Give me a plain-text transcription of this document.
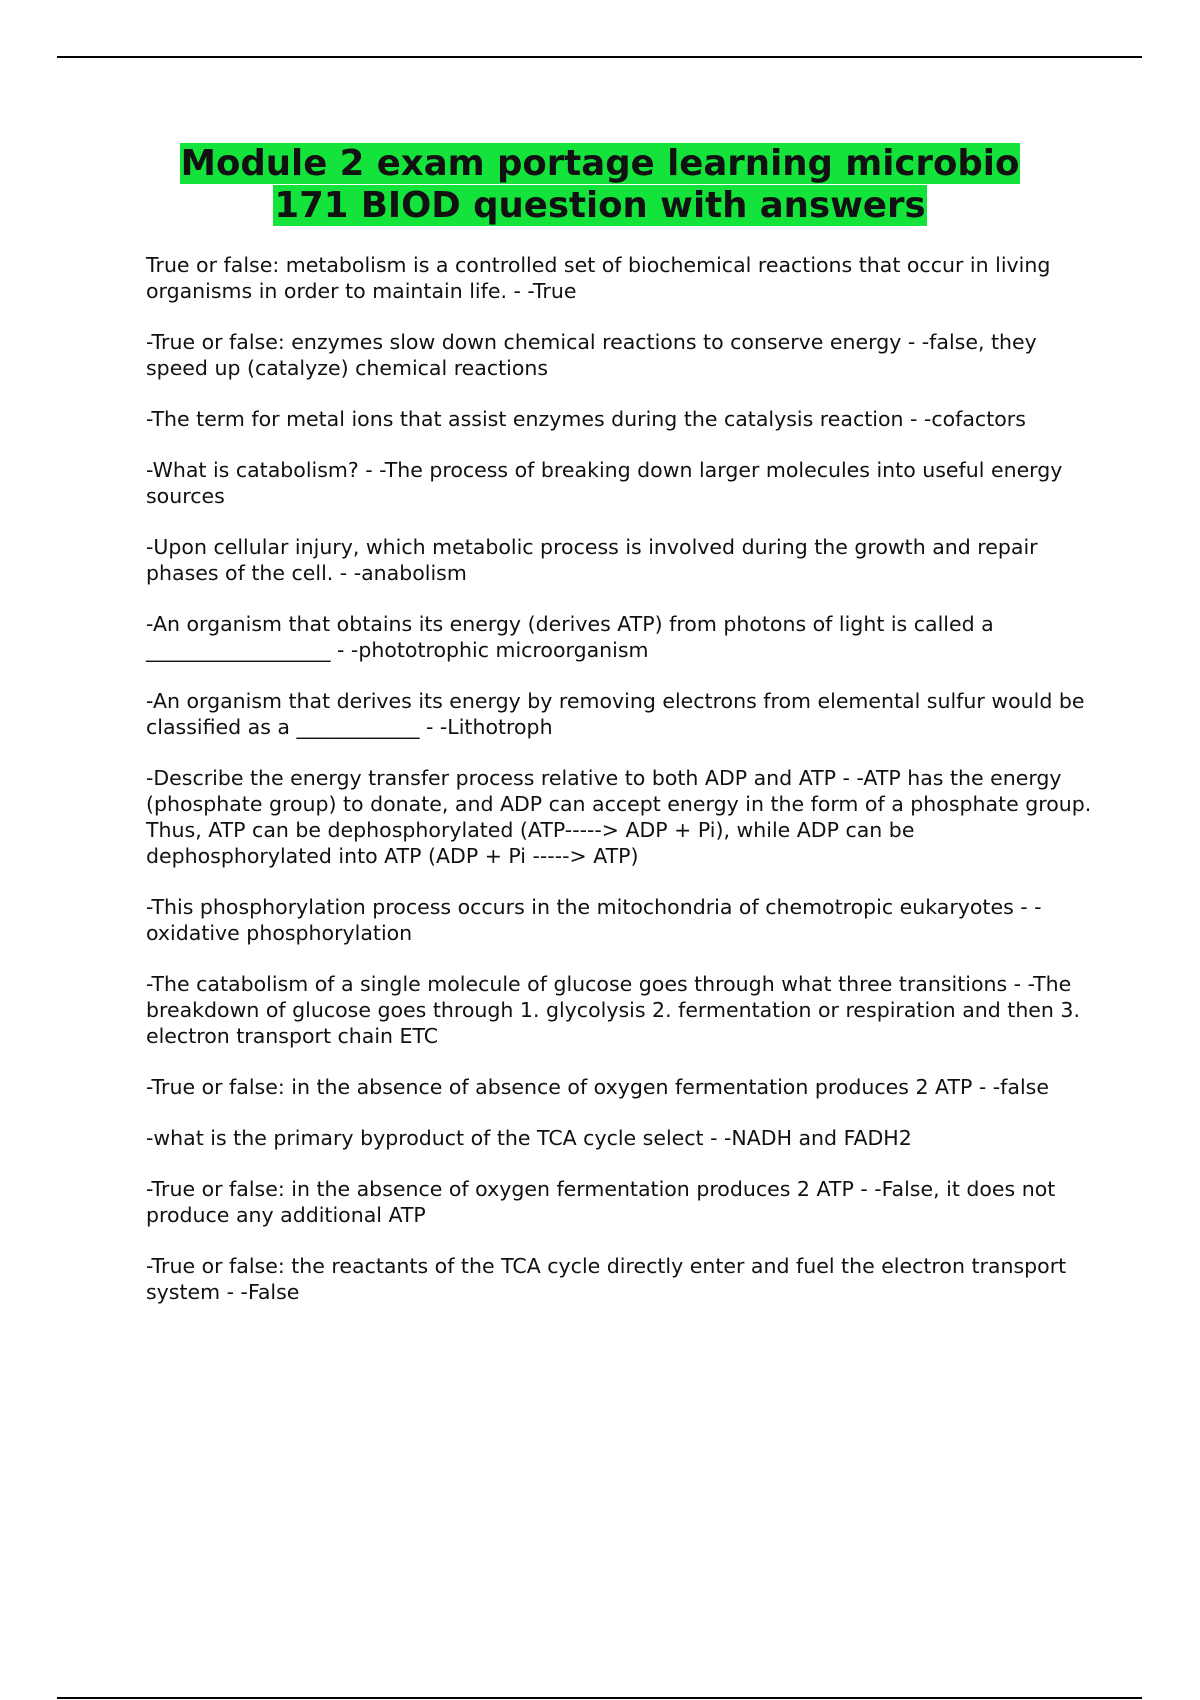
Module 2 exam portage learning microbio
171 BIOD question with answers
True or false: metabolism is a controlled set of biochemical reactions that occur in living organisms in order to maintain life. - -True
-True or false: enzymes slow down chemical reactions to conserve energy - -false, they speed up (catalyze) chemical reactions
-The term for metal ions that assist enzymes during the catalysis reaction - -cofactors
-What is catabolism? - -The process of breaking down larger molecules into useful energy sources
-Upon cellular injury, which metabolic process is involved during the growth and repair phases of the cell. - -anabolism
-An organism that obtains its energy (derives ATP) from photons of light is called a __________________ - -phototrophic microorganism
-An organism that derives its energy by removing electrons from elemental sulfur would be classified as a ____________ - -Lithotroph
-Describe the energy transfer process relative to both ADP and ATP - -ATP has the energy (phosphate group) to donate, and ADP can accept energy in the form of a phosphate group. Thus, ATP can be dephosphorylated (ATP-----> ADP + Pi), while ADP can be dephosphorylated into ATP (ADP + Pi -----> ATP)
-This phosphorylation process occurs in the mitochondria of chemotropic eukaryotes - -oxidative phosphorylation
-The catabolism of a single molecule of glucose goes through what three transitions - -The breakdown of glucose goes through 1. glycolysis 2. fermentation or respiration and then 3. electron transport chain ETC
-True or false: in the absence of absence of oxygen fermentation produces 2 ATP - -false
-what is the primary byproduct of the TCA cycle select - -NADH and FADH2
-True or false: in the absence of oxygen fermentation produces 2 ATP - -False, it does not produce any additional ATP
-True or false: the reactants of the TCA cycle directly enter and fuel the electron transport system - -False
